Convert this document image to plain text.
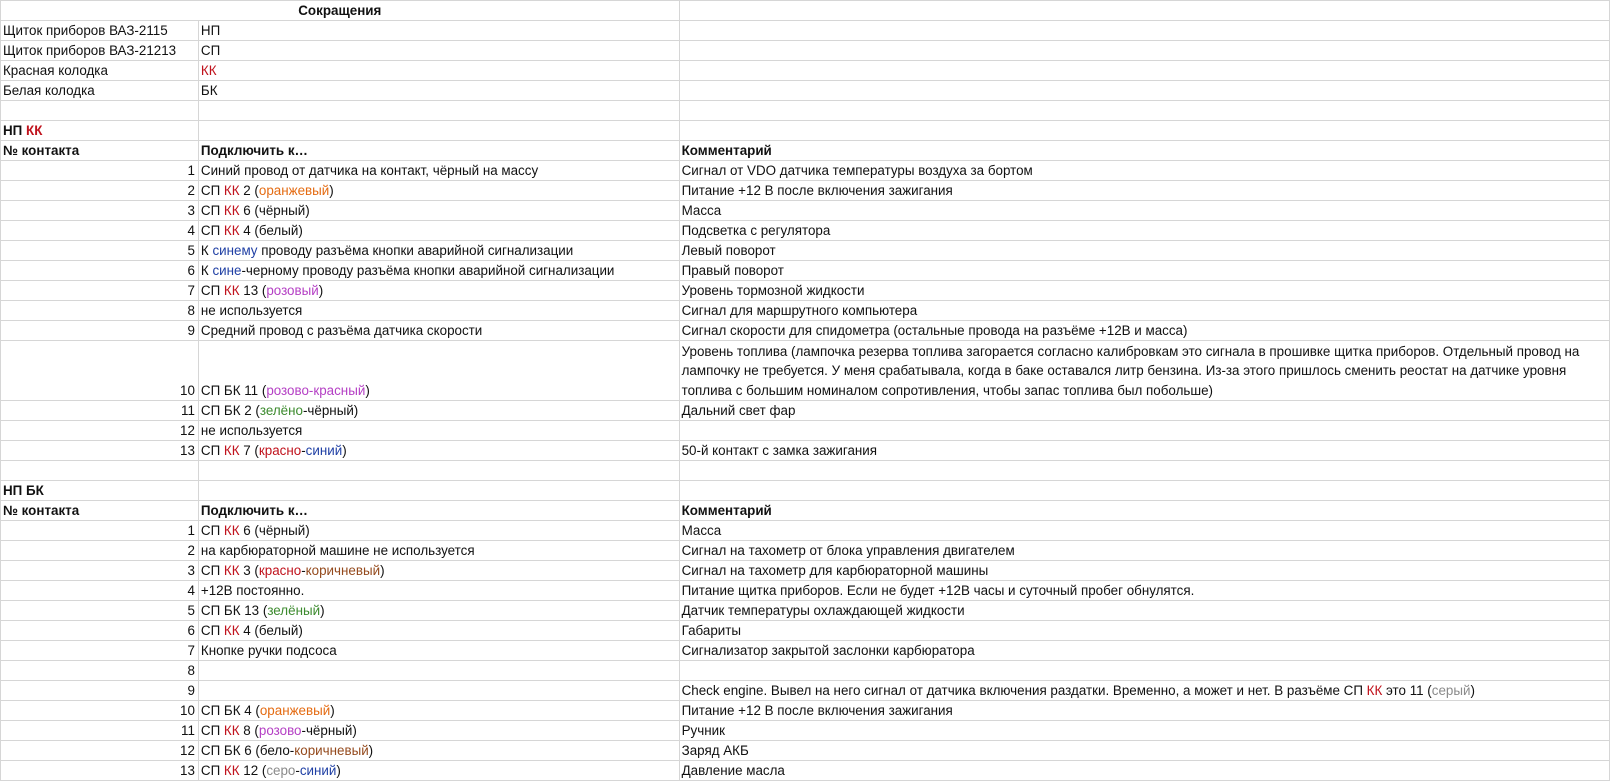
Сокращения		
Щиток приборов ВАЗ-2115	НП	
Щиток приборов ВАЗ-21213	СП	
Красная колодка	КК	
Белая колодка	БК	

НП КК		
№ контакта	Подключить к…	Комментарий
1	Синий провод от датчика на контакт, чёрный на массу	Сигнал от VDO датчика температуры воздуха за бортом
2	СП КК 2 (оранжевый)	Питание +12 В после включения зажигания
3	СП КК 6 (чёрный)	Масса
4	СП КК 4 (белый)	Подсветка с регулятора
5	К синему проводу разъёма кнопки аварийной сигнализации	Левый поворот
6	К сине-черному проводу разъёма кнопки аварийной сигнализации	Правый поворот
7	СП КК 13 (розовый)	Уровень тормозной жидкости
8	не используется	Сигнал для маршрутного компьютера
9	Средний провод с разъёма датчика скорости	Сигнал скорости для спидометра (остальные провода на разъёме +12В и масса)
10	СП БК 11 (розово-красный)	Уровень топлива (лампочка резерва топлива загорается согласно калибровкам это сигнала в прошивке щитка приборов. Отдельный провод на лампочку не требуется. У меня срабатывала, когда в баке оставался литр бензина. Из-за этого пришлось сменить реостат на датчике уровня топлива с большим номиналом сопротивления, чтобы запас топлива был побольше)
11	СП БК 2 (зелёно-чёрный)	Дальний свет фар
12	не используется	
13	СП КК 7 (красно-синий)	50-й контакт с замка зажигания

НП БК		
№ контакта	Подключить к…	Комментарий
1	СП КК 6 (чёрный)	Масса
2	на карбюраторной машине не используется	Сигнал на тахометр от блока управления двигателем
3	СП КК 3 (красно-коричневый)	Сигнал на тахометр для карбюраторной машины
4	+12В постоянно.	Питание щитка приборов. Если не будет +12В часы и суточный пробег обнулятся.
5	СП БК 13 (зелёный)	Датчик температуры охлаждающей жидкости
6	СП КК 4 (белый)	Габариты
7	Кнопке ручки подсоса	Сигнализатор закрытой заслонки карбюратора
8		
9		Check engine. Вывел на него сигнал от датчика включения раздатки. Временно, а может и нет. В разъёме СП КК это 11 (серый)
10	СП БК 4 (оранжевый)	Питание +12 В после включения зажигания
11	СП КК 8 (розово-чёрный)	Ручник
12	СП БК 6 (бело-коричневый)	Заряд АКБ
13	СП КК 12 (серо-синий)	Давление масла
